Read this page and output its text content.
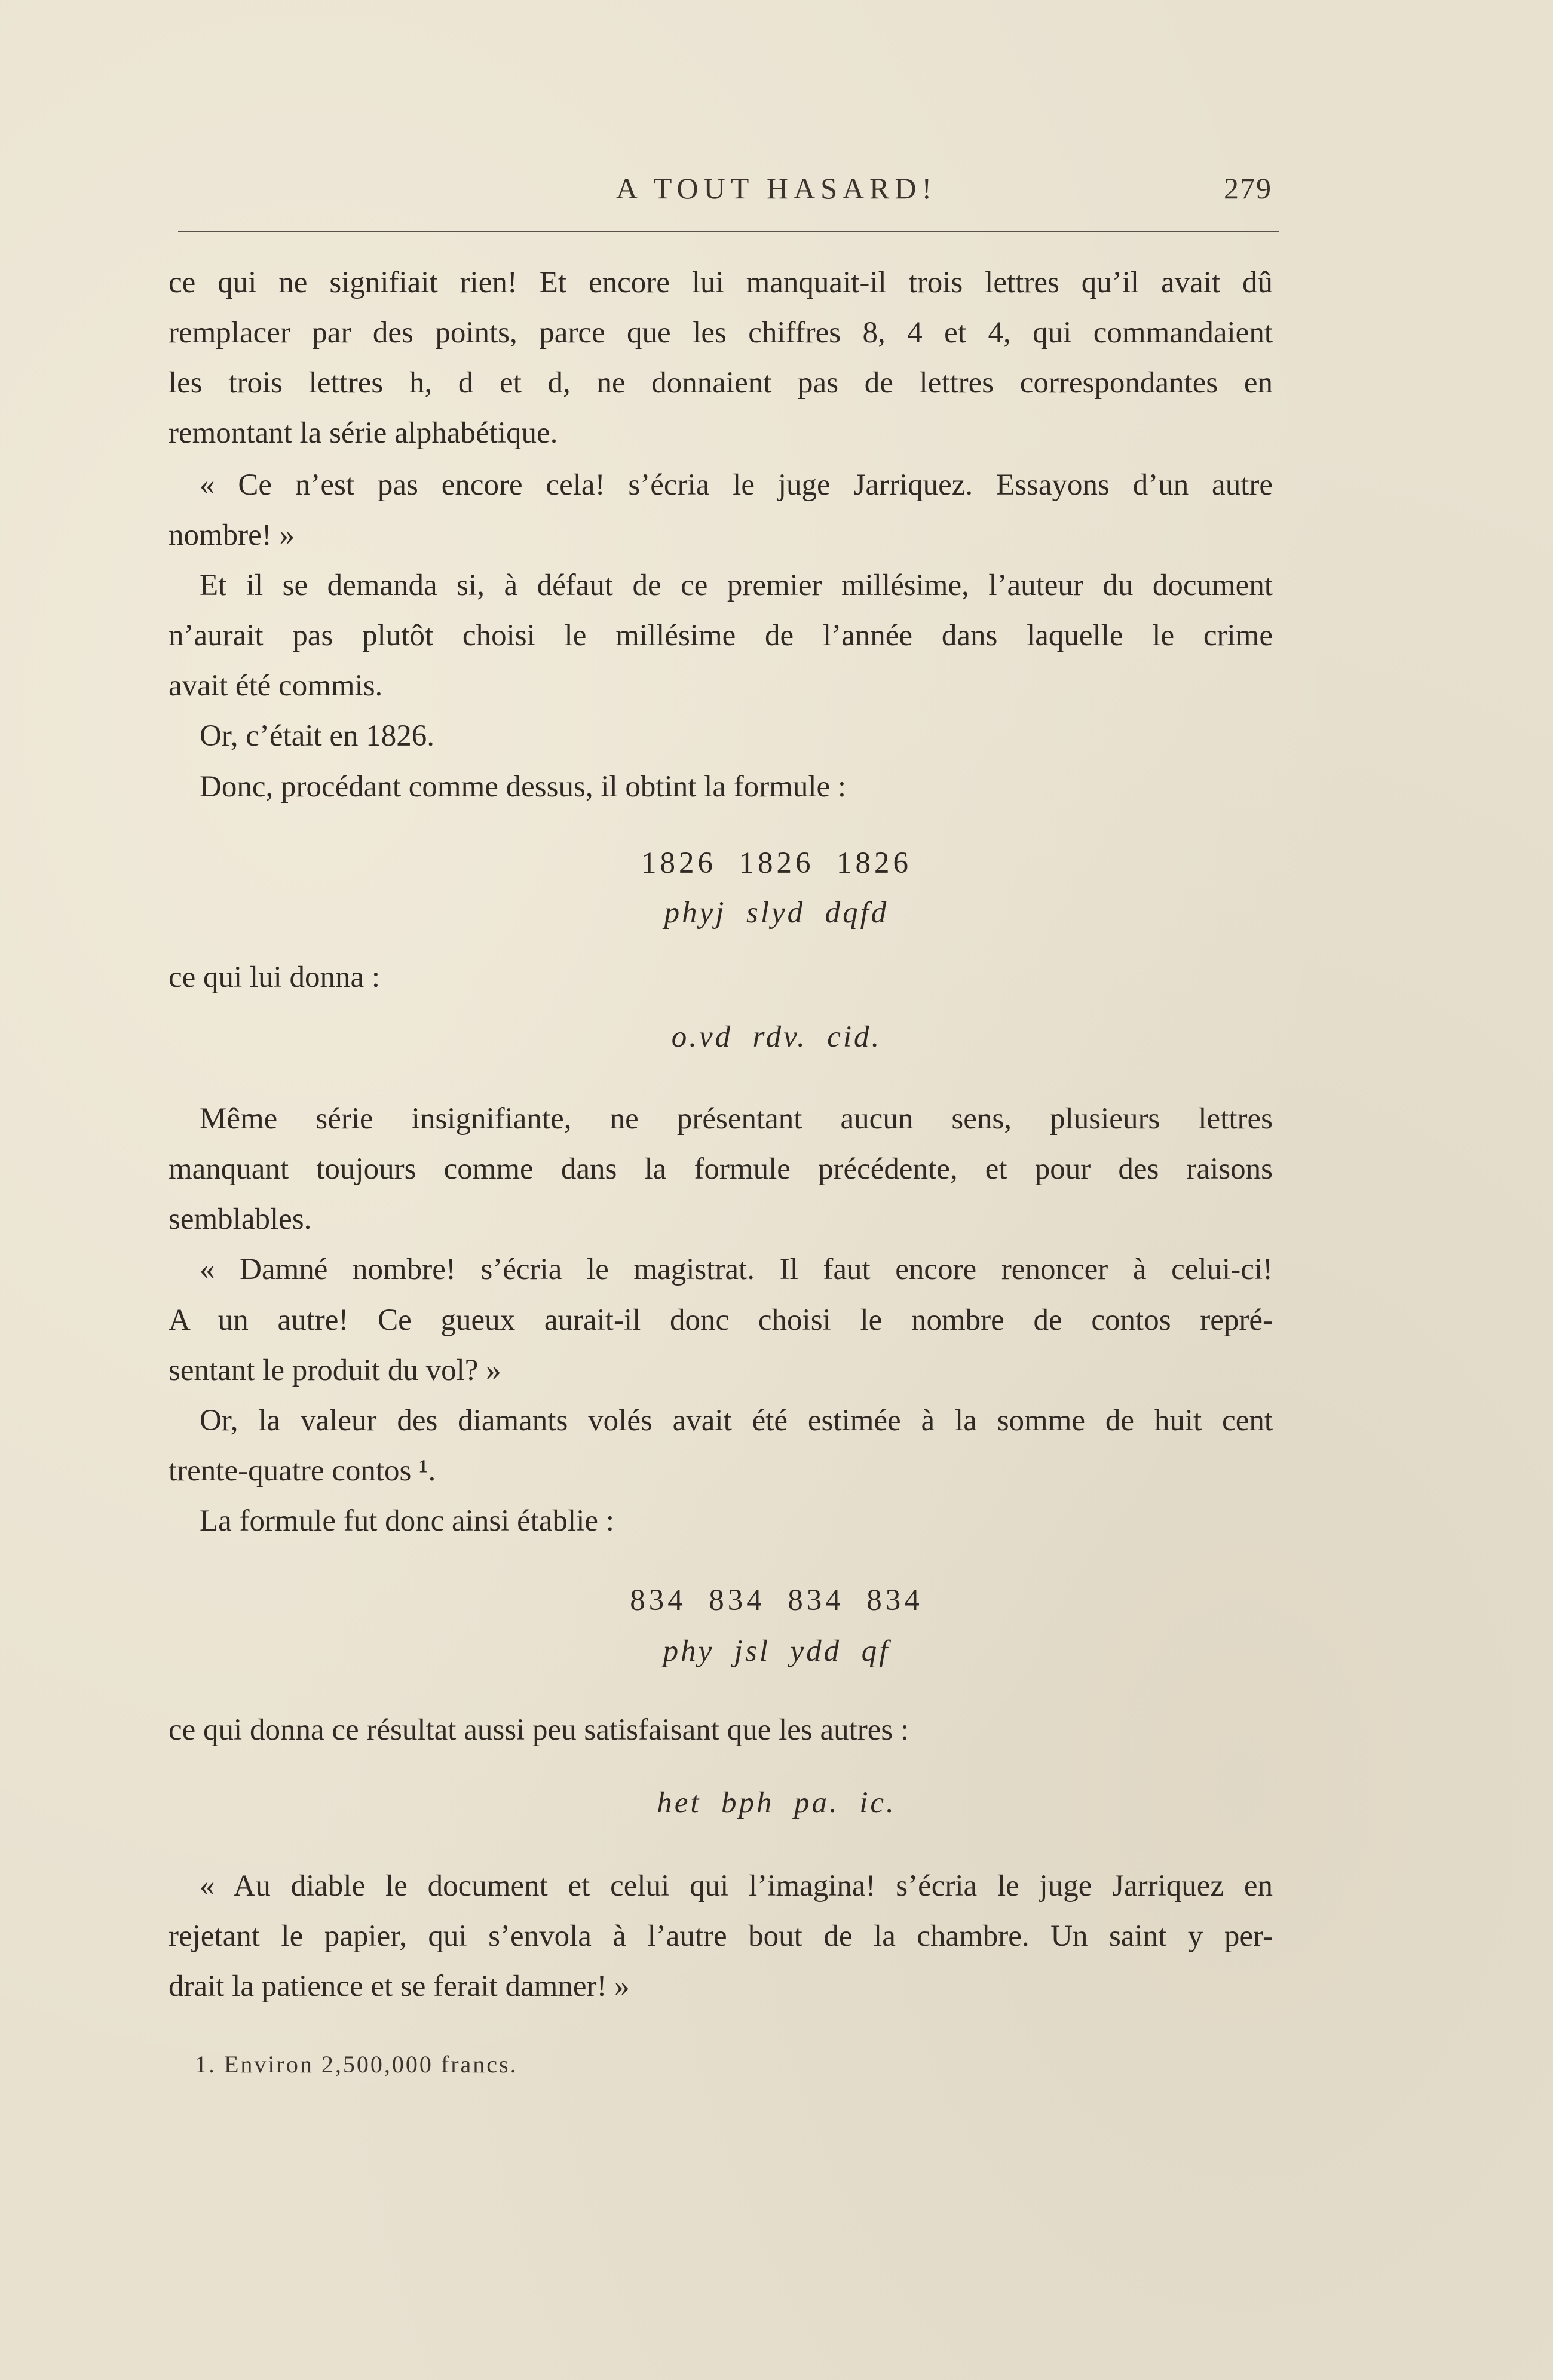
A TOUT HASARD!	279
ce qui ne signifiait rien! Et encore lui manquait-il trois lettres qu’il avait dû
remplacer par des points, parce que les chiffres 8, 4 et 4, qui commandaient
les trois lettres h, d et d, ne donnaient pas de lettres correspondantes en
remontant la série alphabétique.
« Ce n’est pas encore cela! s’écria le juge Jarriquez. Essayons d’un autre
nombre! »
Et il se demanda si, à défaut de ce premier millésime, l’auteur du document
n’aurait pas plutôt choisi le millésime de l’année dans laquelle le crime
avait été commis.
Or, c’était en 1826.
Donc, procédant comme dessus, il obtint la formule :
1826  1826  1826
phyj  slyd  dqfd
ce qui lui donna :
o.vd  rdv.  cid.
Même série insignifiante, ne présentant aucun sens, plusieurs lettres
manquant toujours comme dans la formule précédente, et pour des raisons
semblables.
« Damné nombre! s’écria le magistrat. Il faut encore renoncer à celui-ci!
A un autre! Ce gueux aurait-il donc choisi le nombre de contos repré-
sentant le produit du vol? »
Or, la valeur des diamants volés avait été estimée à la somme de huit cent
trente-quatre contos ¹.
La formule fut donc ainsi établie :
834  834  834  834
phy  jsl  ydd  qf
ce qui donna ce résultat aussi peu satisfaisant que les autres :
het  bph  pa.  ic.
« Au diable le document et celui qui l’imagina! s’écria le juge Jarriquez en
rejetant le papier, qui s’envola à l’autre bout de la chambre. Un saint y per-
drait la patience et se ferait damner! »
1. Environ 2,500,000 francs.
